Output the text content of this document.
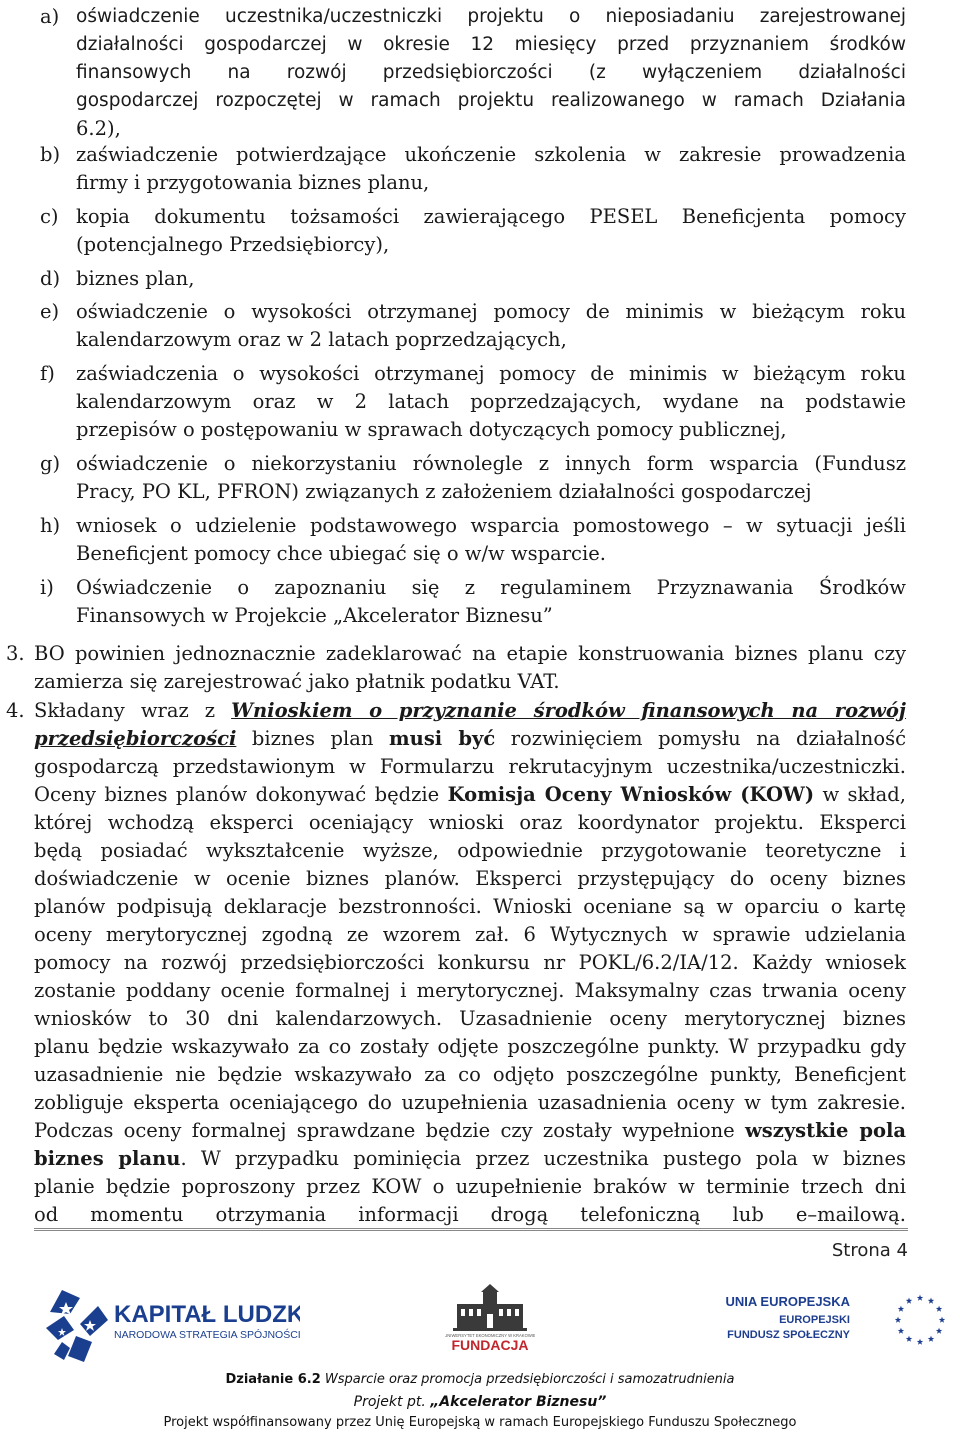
a) oświadczenie uczestnika/uczestniczki projektu o nieposiadaniu zarejestrowanej
działalności gospodarczej w okresie 12 miesięcy przed przyznaniem środków
finansowych na rozwój przedsiębiorczości (z wyłączeniem działalności
gospodarczej rozpoczętej w ramach projektu realizowanego w ramach Działania
6.2),
b) zaświadczenie potwierdzające ukończenie szkolenia w zakresie prowadzenia
firmy i przygotowania biznes planu,
c) kopia dokumentu tożsamości zawierającego PESEL Beneficjenta pomocy
(potencjalnego Przedsiębiorcy),
d) biznes plan,
e) oświadczenie o wysokości otrzymanej pomocy de minimis w bieżącym roku
kalendarzowym oraz w 2 latach poprzedzających,
f) zaświadczenia o wysokości otrzymanej pomocy de minimis w bieżącym roku
kalendarzowym oraz w 2 latach poprzedzających, wydane na podstawie
przepisów o postępowaniu w sprawach dotyczących pomocy publicznej,
g) oświadczenie o niekorzystaniu równolegle z innych form wsparcia (Fundusz
Pracy, PO KL, PFRON) związanych z założeniem działalności gospodarczej
h) wniosek o udzielenie podstawowego wsparcia pomostowego – w sytuacji jeśli
Beneficjent pomocy chce ubiegać się o w/w wsparcie.
i) Oświadczenie o zapoznaniu się z regulaminem Przyznawania Środków
Finansowych w Projekcie „Akcelerator Biznesu”
3. BO powinien jednoznacznie zadeklarować na etapie konstruowania biznes planu czy
zamierza się zarejestrować jako płatnik podatku VAT.
4. Składany wraz z Wnioskiem o przyznanie środków finansowych na rozwój
przedsiębiorczości biznes plan musi być rozwinięciem pomysłu na działalność
gospodarczą przedstawionym w Formularzu rekrutacyjnym uczestnika/uczestniczki.
Oceny biznes planów dokonywać będzie Komisja Oceny Wniosków (KOW) w skład,
której wchodzą eksperci oceniający wnioski oraz koordynator projektu. Eksperci
będą posiadać wykształcenie wyższe, odpowiednie przygotowanie teoretyczne i
doświadczenie w ocenie biznes planów. Eksperci przystępujący do oceny biznes
planów podpisują deklaracje bezstronności. Wnioski oceniane są w oparciu o kartę
oceny merytorycznej zgodną ze wzorem zał. 6 Wytycznych w sprawie udzielania
pomocy na rozwój przedsiębiorczości konkursu nr POKL/6.2/IA/12. Każdy wniosek
zostanie poddany ocenie formalnej i merytorycznej. Maksymalny czas trwania oceny
wniosków to 30 dni kalendarzowych. Uzasadnienie oceny merytorycznej biznes
planu będzie wskazywało za co zostały odjęte poszczególne punkty. W przypadku gdy
uzasadnienie nie będzie wskazywało za co odjęto poszczególne punkty, Beneficjent
zobliguje eksperta oceniającego do uzupełnienia uzasadnienia oceny w tym zakresie.
Podczas oceny formalnej sprawdzane będzie czy zostały wypełnione wszystkie pola
biznes planu. W przypadku pominięcia przez uczestnika pustego pola w biznes
planie będzie poproszony przez KOW o uzupełnienie braków w terminie trzech dni
od momentu otrzymania informacji drogą telefoniczną lub e–mailową.
Strona 4
KAPITAŁ LUDZKI
NARODOWA STRATEGIA SPÓJNOŚCI	UNIWERSYTET EKONOMICZNY W KRAKOWIE
FUNDACJA
UNIA EUROPEJSKA
EUROPEJSKI
FUNDUSZ SPOŁECZNY
Działanie 6.2 Wsparcie oraz promocja przedsiębiorczości i samozatrudnienia
Projekt pt. „Akcelerator Biznesu”
Projekt współfinansowany przez Unię Europejską w ramach Europejskiego Funduszu Społecznego
